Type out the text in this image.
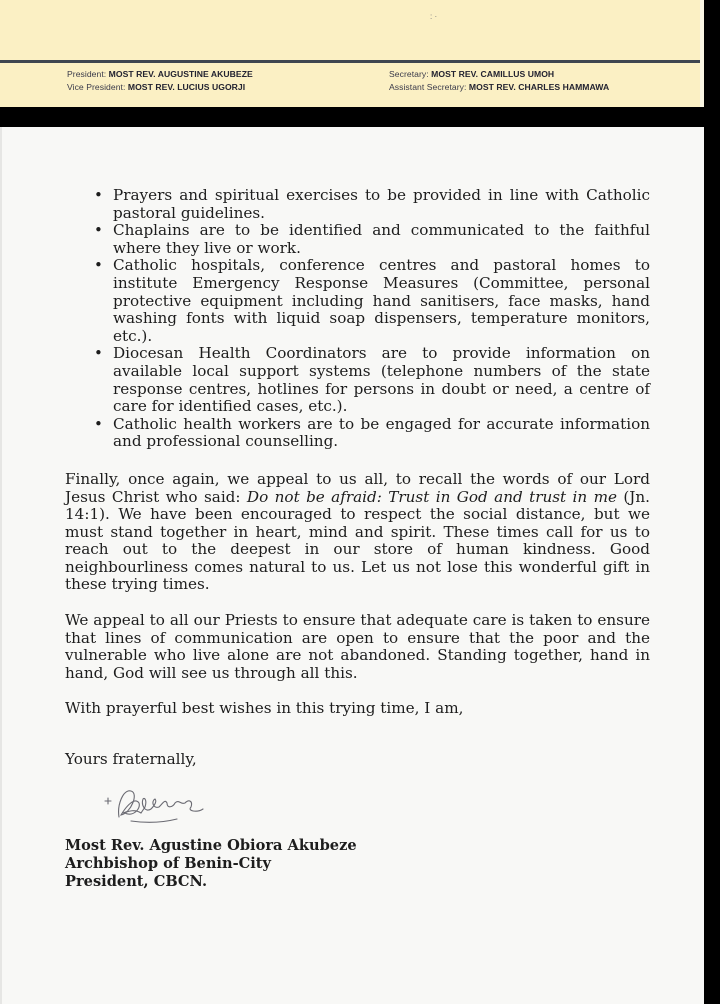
: ·
President: MOST REV. AUGUSTINE AKUBEZE
Vice President: MOST REV. LUCIUS UGORJI
Secretary: MOST REV. CAMILLUS UMOH
Assistant Secretary: MOST REV. CHARLES HAMMAWA
• Prayers and spiritual exercises to be provided in line with Catholic pastoral guidelines.
• Chaplains are to be identified and communicated to the faithful where they live or work.
• Catholic hospitals, conference centres and pastoral homes to institute Emergency Response Measures (Committee, personal protective equipment including hand sanitisers, face masks, hand washing fonts with liquid soap dispensers, temperature monitors, etc.).
• Diocesan Health Coordinators are to provide information on available local support systems (telephone numbers of the state response centres, hotlines for persons in doubt or need, a centre of care for identified cases, etc.).
• Catholic health workers are to be engaged for accurate information and professional counselling.

Finally, once again, we appeal to us all, to recall the words of our Lord Jesus Christ who said: Do not be afraid: Trust in God and trust in me (Jn. 14:1). We have been encouraged to respect the social distance, but we must stand together in heart, mind and spirit. These times call for us to reach out to the deepest in our store of human kindness. Good neighbourliness comes natural to us. Let us not lose this wonderful gift in these trying times.

We appeal to all our Priests to ensure that adequate care is taken to ensure that lines of communication are open to ensure that the poor and the vulnerable who live alone are not abandoned. Standing together, hand in hand, God will see us through all this.

With prayerful best wishes in this trying time, I am,

Yours fraternally,

Most Rev. Agustine Obiora Akubeze
Archbishop of Benin-City
President, CBCN.
